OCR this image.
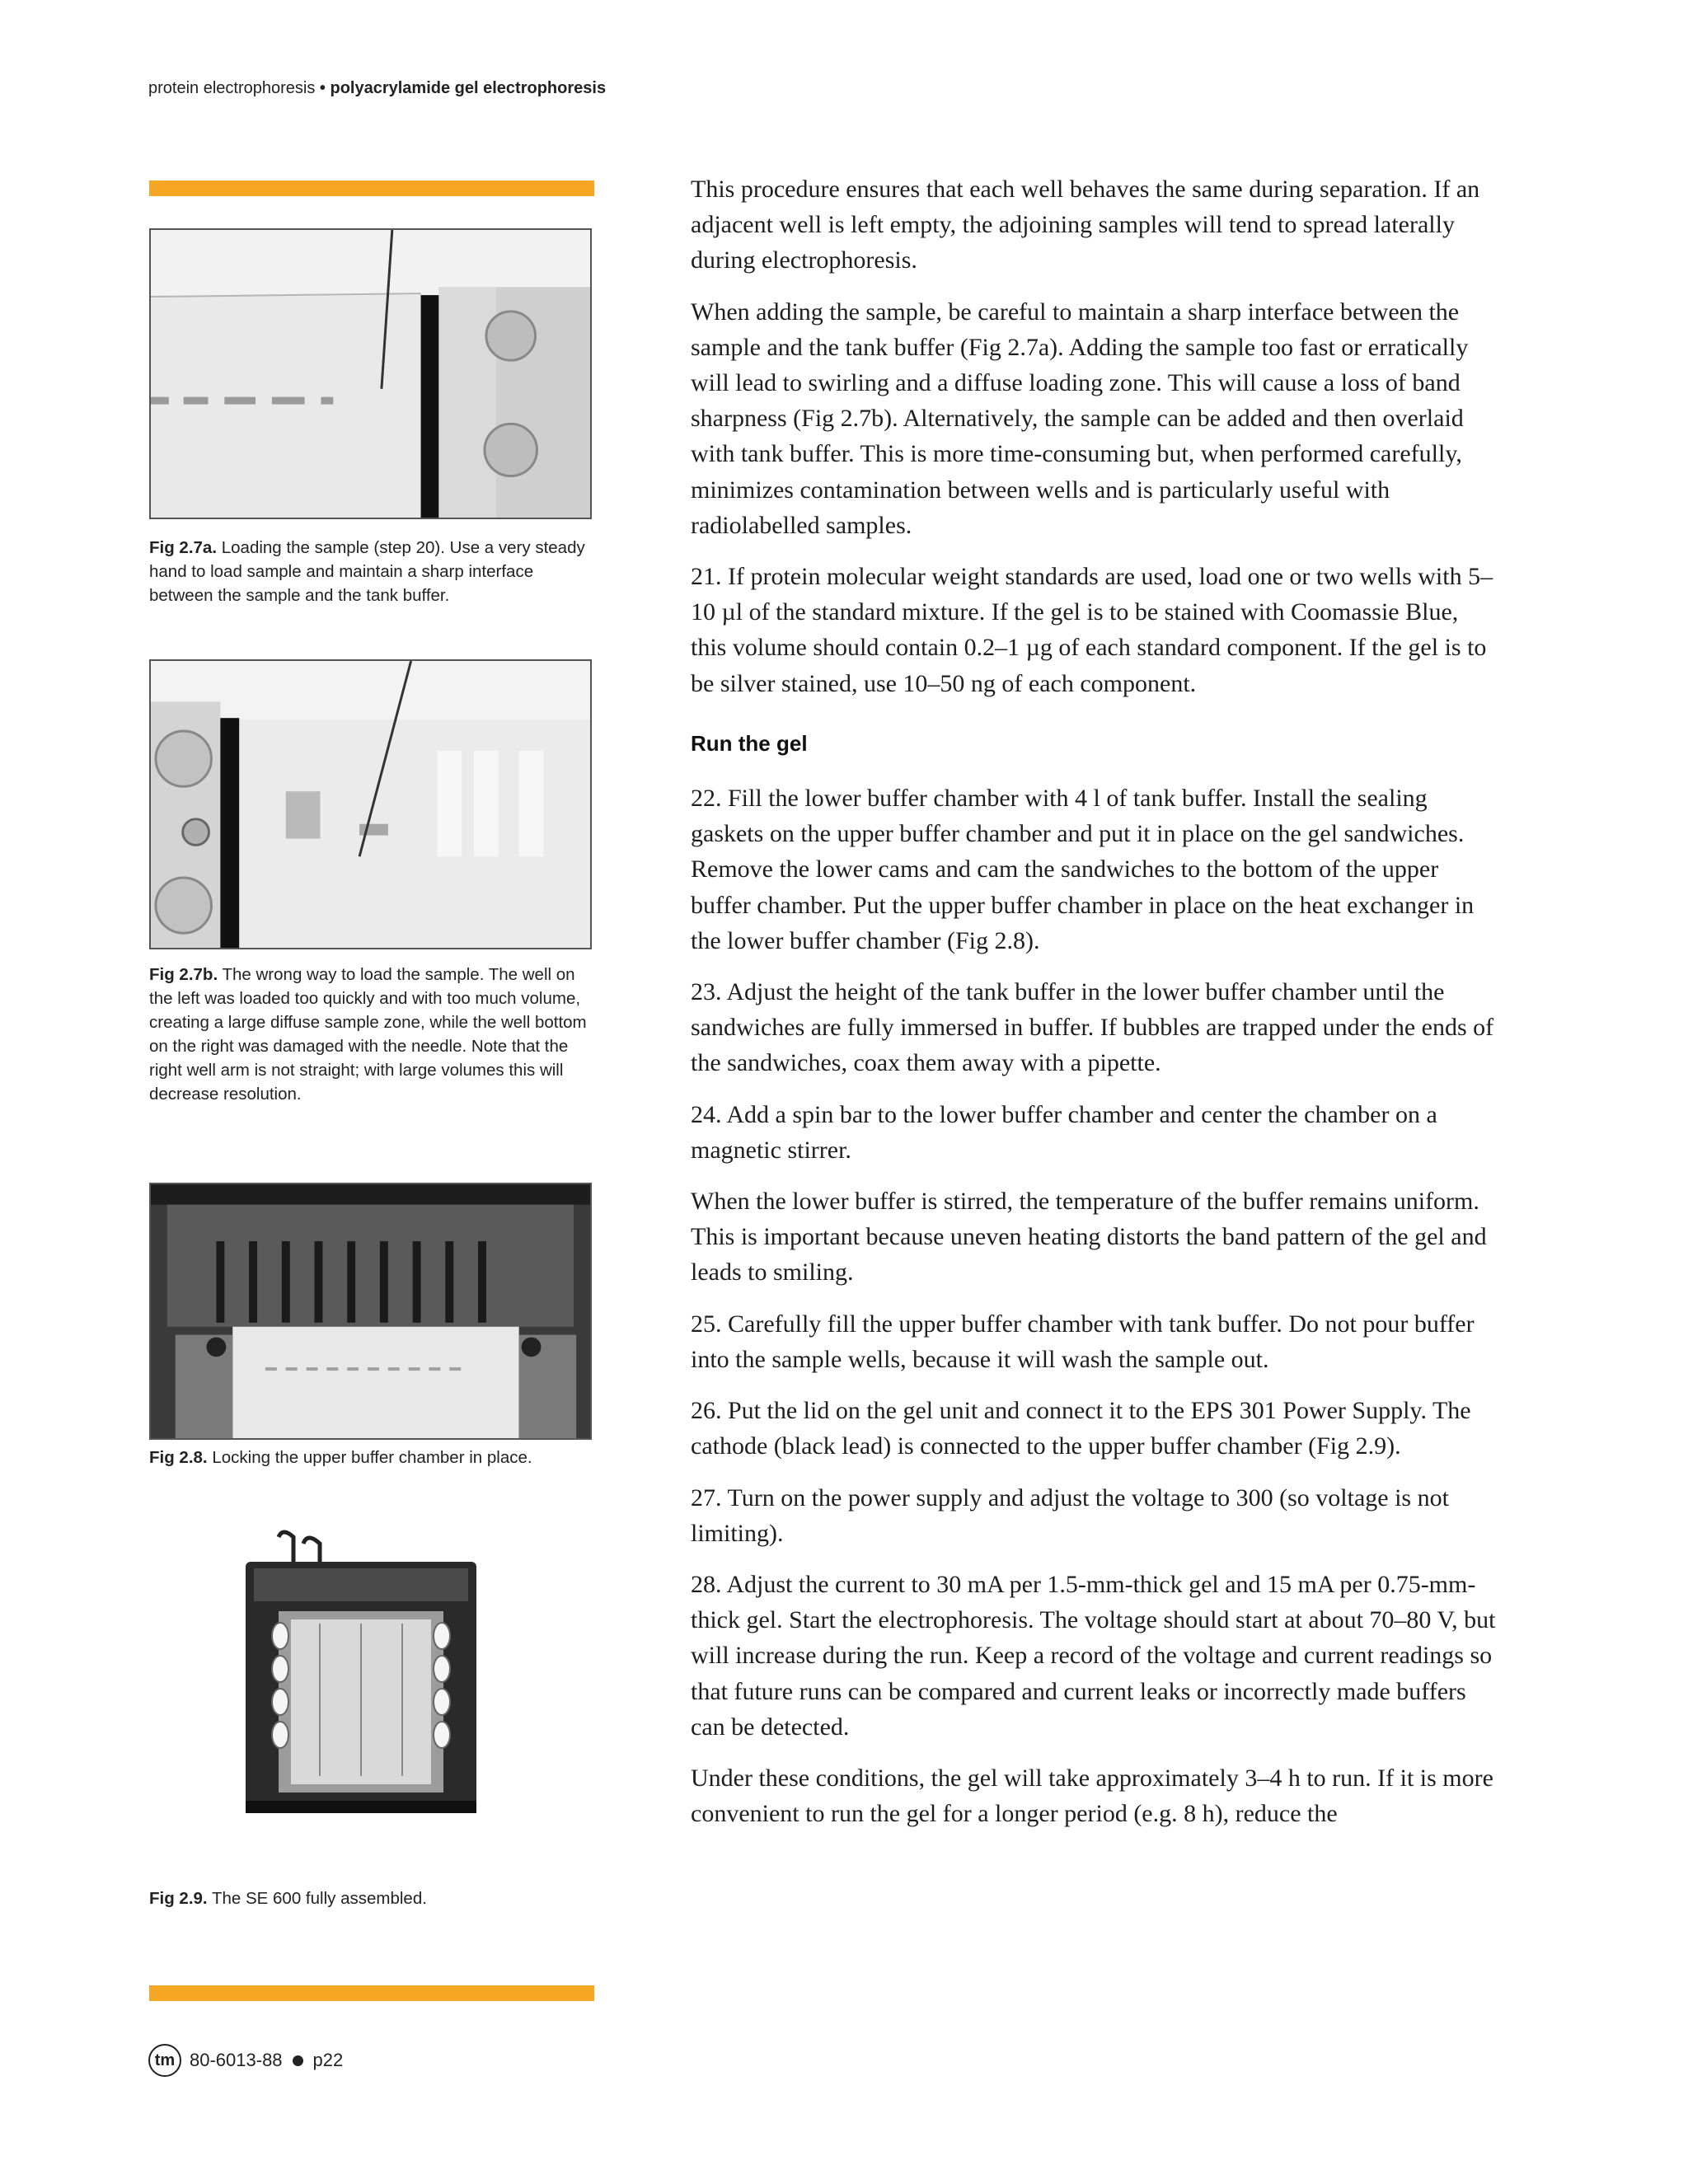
protein electrophoresis • polyacrylamide gel electrophoresis
Fig 2.7a. Loading the sample (step 20). Use a very steady hand to load sample and maintain a sharp interface between the sample and the tank buffer.
Fig 2.7b. The wrong way to load the sample. The well on the left was loaded too quickly and with too much volume, creating a large diffuse sample zone, while the well bottom on the right was damaged with the needle. Note that the right well arm is not straight; with large volumes this will decrease resolution.
Fig 2.8. Locking the upper buffer chamber in place.
Fig 2.9. The SE 600 fully assembled.

This procedure ensures that each well behaves the same during separation. If an adjacent well is left empty, the adjoining samples will tend to spread laterally during electrophoresis.

When adding the sample, be careful to maintain a sharp interface between the sample and the tank buffer (Fig 2.7a). Adding the sample too fast or erratically will lead to swirling and a diffuse loading zone. This will cause a loss of band sharpness (Fig 2.7b). Alternatively, the sample can be added and then overlaid with tank buffer. This is more time-consuming but, when performed carefully, minimizes contamination between wells and is particularly useful with radiolabelled samples.

21. If protein molecular weight standards are used, load one or two wells with 5–10 µl of the standard mixture. If the gel is to be stained with Coomassie Blue, this volume should contain 0.2–1 µg of each standard component. If the gel is to be silver stained, use 10–50 ng of each component.

Run the gel

22. Fill the lower buffer chamber with 4 l of tank buffer. Install the sealing gaskets on the upper buffer chamber and put it in place on the gel sandwiches. Remove the lower cams and cam the sandwiches to the bottom of the upper buffer chamber. Put the upper buffer chamber in place on the heat exchanger in the lower buffer chamber (Fig 2.8).

23. Adjust the height of the tank buffer in the lower buffer chamber until the sandwiches are fully immersed in buffer. If bubbles are trapped under the ends of the sandwiches, coax them away with a pipette.

24. Add a spin bar to the lower buffer chamber and center the chamber on a magnetic stirrer.

When the lower buffer is stirred, the temperature of the buffer remains uniform. This is important because uneven heating distorts the band pattern of the gel and leads to smiling.

25. Carefully fill the upper buffer chamber with tank buffer. Do not pour buffer into the sample wells, because it will wash the sample out.

26. Put the lid on the gel unit and connect it to the EPS 301 Power Supply. The cathode (black lead) is connected to the upper buffer chamber (Fig 2.9).

27. Turn on the power supply and adjust the voltage to 300 (so voltage is not limiting).

28. Adjust the current to 30 mA per 1.5-mm-thick gel and 15 mA per 0.75-mm-thick gel. Start the electrophoresis. The voltage should start at about 70–80 V, but will increase during the run. Keep a record of the voltage and current readings so that future runs can be compared and current leaks or incorrectly made buffers can be detected.

Under these conditions, the gel will take approximately 3–4 h to run. If it is more convenient to run the gel for a longer period (e.g. 8 h), reduce the

tm 80-6013-88 p22
